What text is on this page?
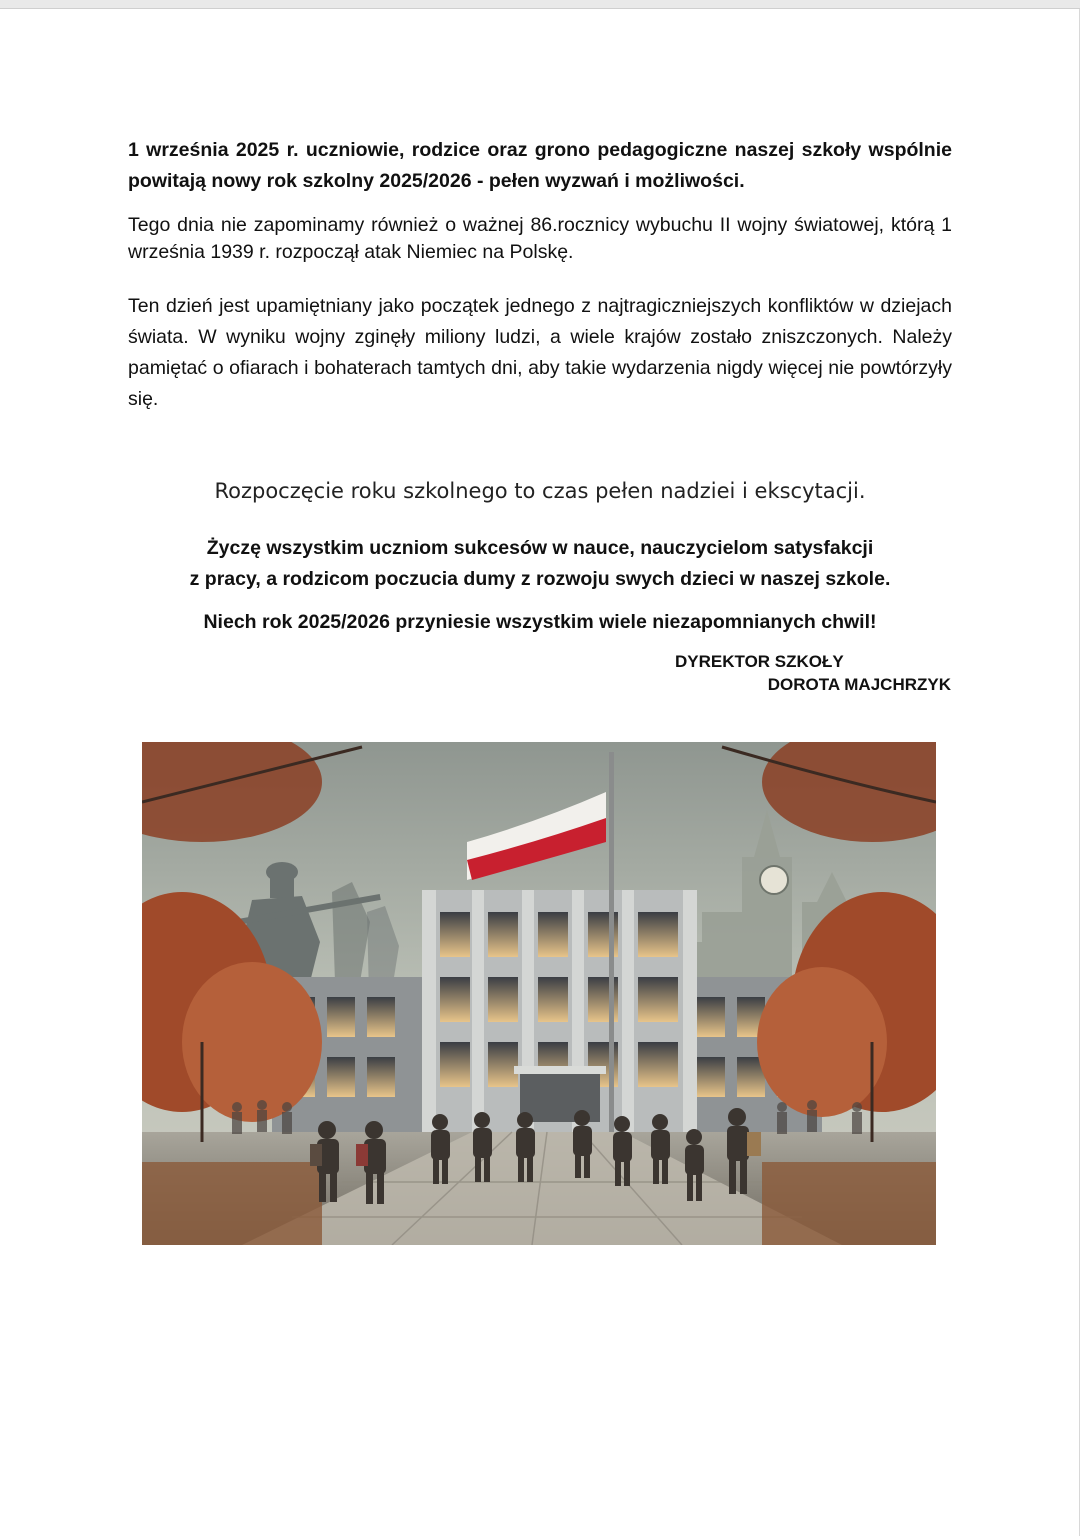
1 września 2025 r. uczniowie, rodzice oraz grono pedagogiczne naszej szkoły wspólnie powitają nowy rok szkolny 2025/2026 - pełen wyzwań i możliwości.
Tego dnia nie zapominamy również o ważnej 86.rocznicy wybuchu II wojny światowej, którą 1 września 1939 r. rozpoczął atak Niemiec na Polskę.
Ten dzień jest upamiętniany jako początek jednego z najtragiczniejszych konfliktów w dziejach świata. W wyniku wojny zginęły miliony ludzi, a wiele krajów zostało zniszczonych. Należy pamiętać o ofiarach i bohaterach tamtych dni, aby takie wydarzenia nigdy więcej nie powtórzyły się.
Rozpoczęcie roku szkolnego to czas pełen nadziei i ekscytacji.
Życzę wszystkim uczniom sukcesów w nauce, nauczycielom satysfakcji
z pracy, a rodzicom poczucia dumy z rozwoju swych dzieci w naszej szkole.
Niech rok 2025/2026 przyniesie wszystkim wiele niezapomnianych chwil!
DYREKTOR SZKOŁY
DOROTA MAJCHRZYK
